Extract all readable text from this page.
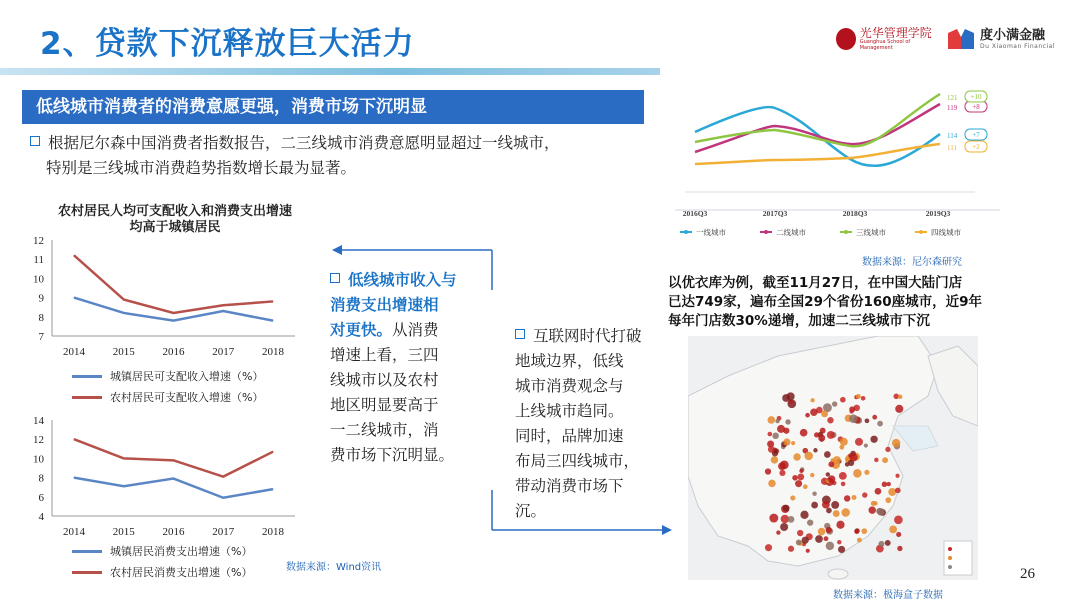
2、贷款下沉释放巨大活力	光华管理学院
Guanghua School of Management
度小满金融
Du Xiaoman Financial
低线城市消费者的消费意愿更强，消费市场下沉明显
根据尼尔森中国消费者指数报告，二三线城市消费意愿明显超过一线城市，
特别是三线城市消费趋势指数增长最为显著。
农村居民人均可支配收入和消费支出增速
均高于城镇居民
7
8
9
10
11
12
2014	2015	2016	2017	2018
城镇居民可支配收入增速（%）
农村居民可支配收入增速（%）
4
6
8
10
12
14
2014	2015	2016	2017	2018
城镇居民消费支出增速（%）
农村居民消费支出增速（%）	数据来源：Wind资讯
低线城市收入与
消费支出增速相
对更快。从消费
增速上看，三四
线城市以及农村
地区明显要高于
一二线城市，消
费市场下沉明显。
互联网时代打破
地域边界，低线
城市消费观念与
上线城市趋同。
同时，品牌加速
布局三四线城市，
带动消费市场下
沉。
114 +7
119 +8
121 +10
111 +2
2016Q3	2017Q3	2018Q3	2019Q3
一线城市	二线城市	三线城市	四线城市
数据来源：尼尔森研究
以优衣库为例，截至11月27日，在中国大陆门店
已达749家，遍布全国29个省份160座城市，近9年
每年门店数30%递增，加速二三线城市下沉
数据来源：极海盒子数据
26
